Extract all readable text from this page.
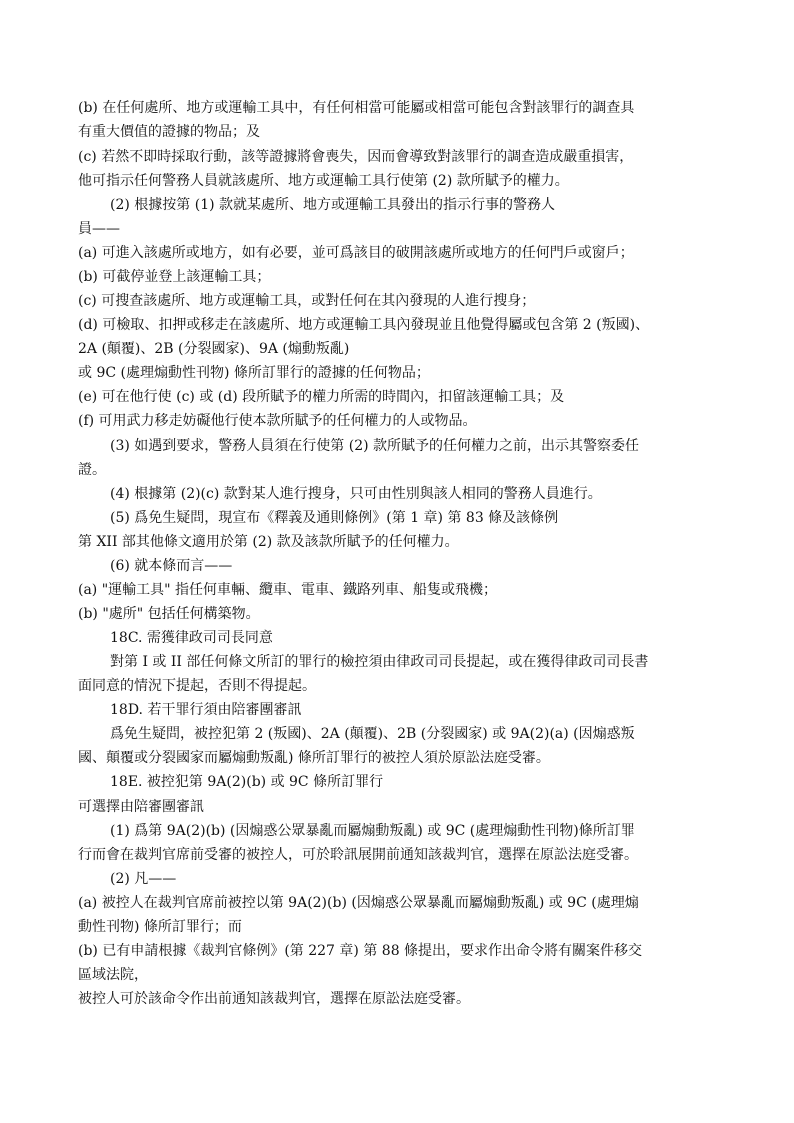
(b) 在任何處所、地方或運輸工具中，有任何相當可能屬或相當可能包含對該罪行的調查具
有重大價值的證據的物品；及
(c) 若然不即時採取行動，該等證據將會喪失，因而會導致對該罪行的調查造成嚴重損害，
他可指示任何警務人員就該處所、地方或運輸工具行使第 (2) 款所賦予的權力。
(2) 根據按第 (1) 款就某處所、地方或運輸工具發出的指示行事的警務人
員——
(a) 可進入該處所或地方，如有必要，並可爲該目的破開該處所或地方的任何門戶或窗戶；
(b) 可截停並登上該運輸工具；
(c) 可搜查該處所、地方或運輸工具，或對任何在其內發現的人進行搜身；
(d) 可檢取、扣押或移走在該處所、地方或運輸工具內發現並且他覺得屬或包含第 2 (叛國)、
2A (顛覆)、2B (分裂國家)、9A (煽動叛亂)
或 9C (處理煽動性刊物) 條所訂罪行的證據的任何物品；
(e) 可在他行使 (c) 或 (d) 段所賦予的權力所需的時間內，扣留該運輸工具；及
(f) 可用武力移走妨礙他行使本款所賦予的任何權力的人或物品。
(3) 如遇到要求，警務人員須在行使第 (2) 款所賦予的任何權力之前，出示其警察委任
證。
(4) 根據第 (2)(c) 款對某人進行搜身，只可由性別與該人相同的警務人員進行。
(5) 爲免生疑問，現宣布《釋義及通則條例》(第 1 章) 第 83 條及該條例
第 XII 部其他條文適用於第 (2) 款及該款所賦予的任何權力。
(6) 就本條而言——
(a) "運輸工具" 指任何車輛、纜車、電車、鐵路列車、船隻或飛機；
(b) "處所" 包括任何構築物。
18C. 需獲律政司司長同意
對第 I 或 II 部任何條文所訂的罪行的檢控須由律政司司長提起，或在獲得律政司司長書
面同意的情況下提起，否則不得提起。
18D. 若干罪行須由陪審團審訊
爲免生疑問，被控犯第 2 (叛國)、2A (顛覆)、2B (分裂國家) 或 9A(2)(a) (因煽惑叛
國、顛覆或分裂國家而屬煽動叛亂) 條所訂罪行的被控人須於原訟法庭受審。
18E. 被控犯第 9A(2)(b) 或 9C 條所訂罪行
可選擇由陪審團審訊
(1) 爲第 9A(2)(b) (因煽惑公眾暴亂而屬煽動叛亂) 或 9C (處理煽動性刊物)條所訂罪
行而會在裁判官席前受審的被控人，可於聆訊展開前通知該裁判官，選擇在原訟法庭受審。
(2) 凡——
(a) 被控人在裁判官席前被控以第 9A(2)(b) (因煽惑公眾暴亂而屬煽動叛亂) 或 9C (處理煽
動性刊物) 條所訂罪行；而
(b) 已有申請根據《裁判官條例》(第 227 章) 第 88 條提出，要求作出命令將有關案件移交
區域法院，
被控人可於該命令作出前通知該裁判官，選擇在原訟法庭受審。
